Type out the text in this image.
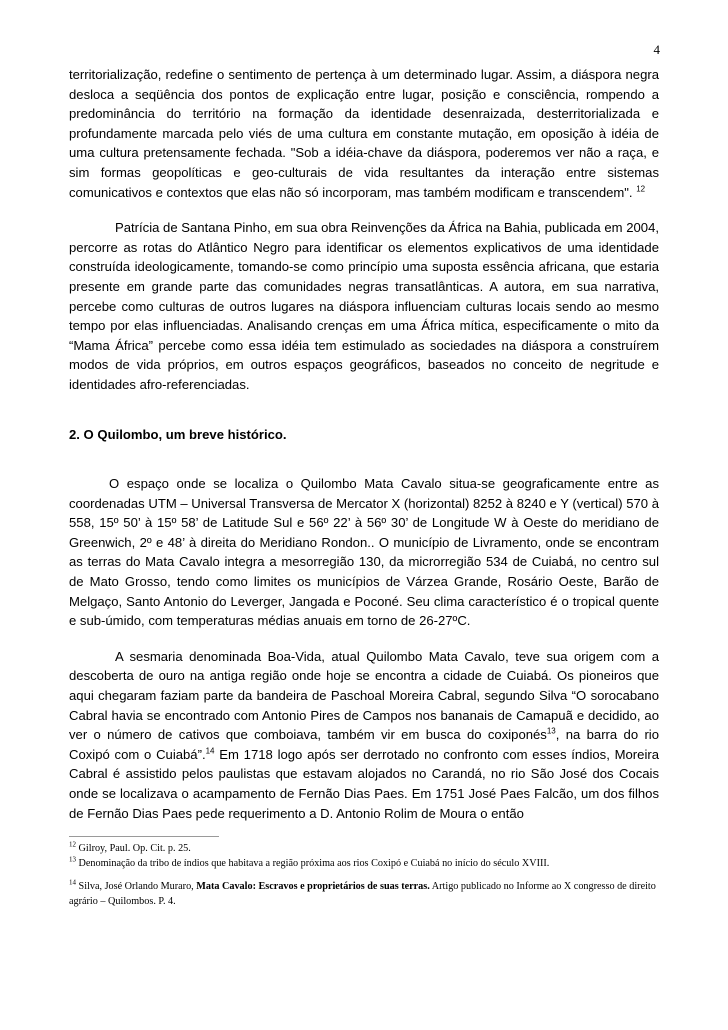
4

territorialização, redefine o sentimento de pertença à um determinado lugar. Assim, a diáspora negra desloca a seqüência dos pontos de explicação entre lugar, posição e consciência, rompendo a predominância do território na formação da identidade desenraizada, desterritorializada e profundamente marcada pelo viés de uma cultura em constante mutação, em oposição à idéia de uma cultura pretensamente fechada. "Sob a idéia-chave da diáspora, poderemos ver não a raça, e sim formas geopolíticas e geo-culturais de vida resultantes da interação entre sistemas comunicativos e contextos que elas não só incorporam, mas também modificam e transcendem". $^{12}$

Patrícia de Santana Pinho, em sua obra Reinvenções da África na Bahia, publicada em 2004, percorre as rotas do Atlântico Negro para identificar os elementos explicativos de uma identidade construída ideologicamente, tomando-se como princípio uma suposta essência africana, que estaria presente em grande parte das comunidades negras transatlânticas. A autora, em sua narrativa, percebe como culturas de outros lugares na diáspora influenciam culturas locais sendo ao mesmo tempo por elas influenciadas. Analisando crenças em uma África mítica, especificamente o mito da “Mama África” percebe como essa idéia tem estimulado as sociedades na diáspora a construírem modos de vida próprios, em outros espaços geográficos, baseados no conceito de negritude e identidades afro-referenciadas.

2. O Quilombo, um breve histórico.

O espaço onde se localiza o Quilombo Mata Cavalo situa-se geograficamente entre as coordenadas UTM – Universal Transversa de Mercator X (horizontal) 8252 à 8240 e Y (vertical) 570 à 558, 15º 50’ à 15º 58’ de Latitude Sul e 56º 22’ à 56º 30’ de Longitude W à Oeste do meridiano de Greenwich, 2º e 48’ à direita do Meridiano Rondon.. O município de Livramento, onde se encontram as terras do Mata Cavalo integra a mesorregião 130, da microrregião 534 de Cuiabá, no centro sul de Mato Grosso, tendo como limites os municípios de Várzea Grande, Rosário Oeste, Barão de Melgaço, Santo Antonio do Leverger, Jangada e Poconé. Seu clima característico é o tropical quente e sub-úmido, com temperaturas médias anuais em torno de 26-27ºC.

A sesmaria denominada Boa-Vida, atual Quilombo Mata Cavalo, teve sua origem com a descoberta de ouro na antiga região onde hoje se encontra a cidade de Cuiabá. Os pioneiros que aqui chegaram faziam parte da bandeira de Paschoal Moreira Cabral, segundo Silva “O sorocabano Cabral havia se encontrado com Antonio Pires de Campos nos bananais de Camapuã e decidido, ao ver o número de cativos que comboiava, também vir em busca do coxiponés$^{13}$, na barra do rio Coxipó com o Cuiabá”.$^{14}$ Em 1718 logo após ser derrotado no confronto com esses índios, Moreira Cabral é assistido pelos paulistas que estavam alojados no Carandá, no rio São José dos Cocais onde se localizava o acampamento de Fernão Dias Paes. Em 1751 José Paes Falcão, um dos filhos de Fernão Dias Paes pede requerimento a D. Antonio Rolim de Moura o então

$^{12}$ Gilroy, Paul. Op. Cit. p. 25.

$^{13}$ Denominação da tribo de índios que habitava a região próxima aos rios Coxipó e Cuiabá no início do século XVIII.

$^{14}$ Silva, José Orlando Muraro, Mata Cavalo: Escravos e proprietários de suas terras. Artigo publicado no Informe ao X congresso de direito agrário – Quilombos. P. 4.
